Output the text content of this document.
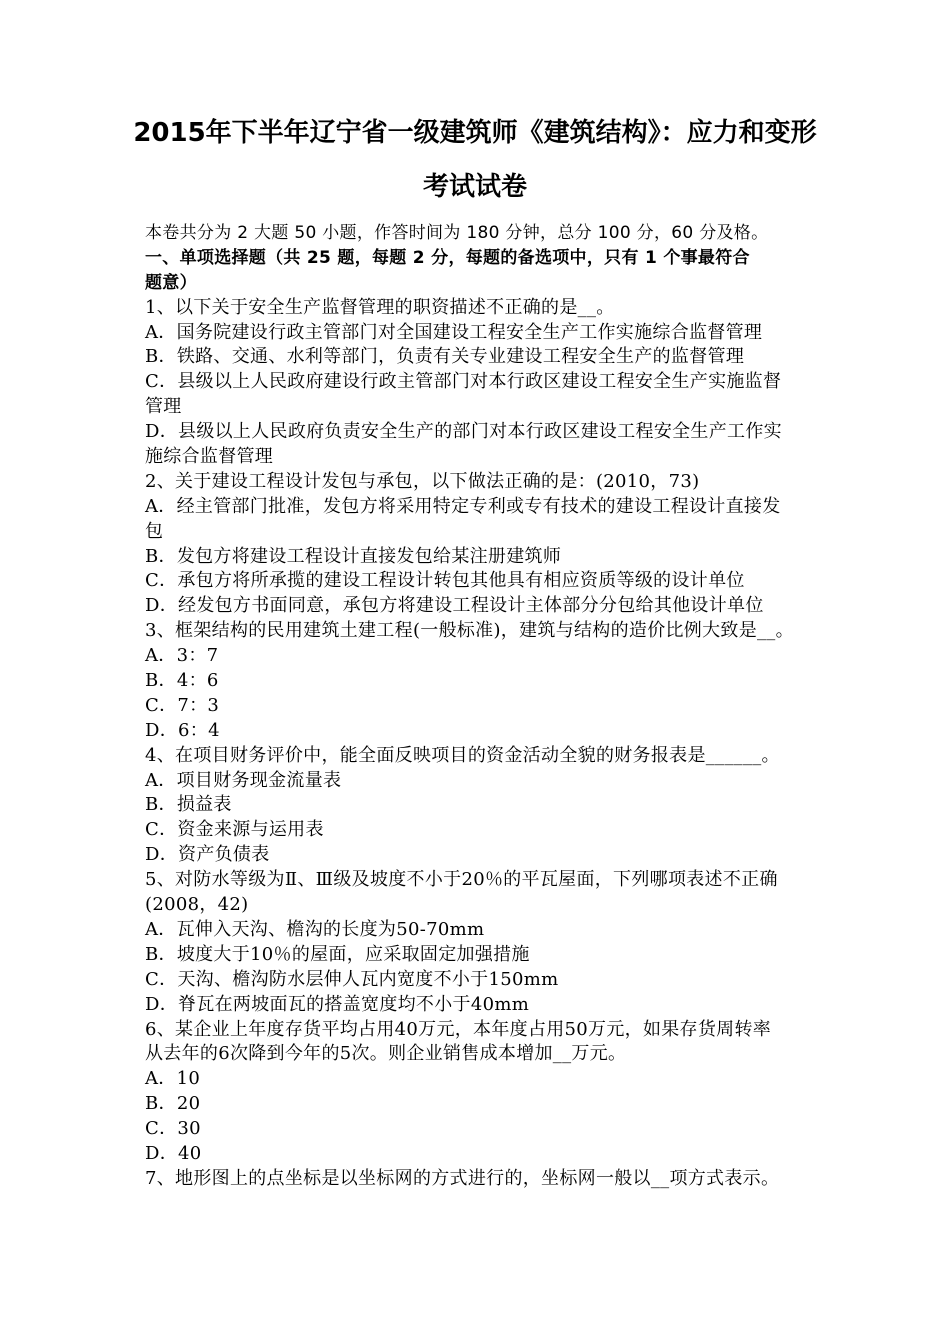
2015年下半年辽宁省一级建筑师《建筑结构》：应力和变形
考试试卷
本卷共分为 2 大题 50 小题，作答时间为 180 分钟，总分 100 分，60 分及格。
一、单项选择题（共 25 题，每题 2 分，每题的备选项中，只有 1 个事最符合
题意）
1、以下关于安全生产监督管理的职资描述不正确的是__。
A．国务院建设行政主管部门对全国建设工程安全生产工作实施综合监督管理
B．铁路、交通、水利等部门，负责有关专业建设工程安全生产的监督管理
C．县级以上人民政府建设行政主管部门对本行政区建设工程安全生产实施监督
管理
D．县级以上人民政府负责安全生产的部门对本行政区建设工程安全生产工作实
施综合监督管理
2、关于建设工程设计发包与承包，以下做法正确的是：(2010，73)
A．经主管部门批准，发包方将采用特定专利或专有技术的建设工程设计直接发
包
B．发包方将建设工程设计直接发包给某注册建筑师
C．承包方将所承揽的建设工程设计转包其他具有相应资质等级的设计单位
D．经发包方书面同意，承包方将建设工程设计主体部分分包给其他设计单位
3、框架结构的民用建筑土建工程(一般标准)，建筑与结构的造价比例大致是__。
A．3：7
B．4：6
C．7：3
D．6：4
4、在项目财务评价中，能全面反映项目的资金活动全貌的财务报表是______。
A．项目财务现金流量表
B．损益表
C．资金来源与运用表
D．资产负债表
5、对防水等级为Ⅱ、Ⅲ级及坡度不小于20％的平瓦屋面，下列哪项表述不正确
(2008，42)
A．瓦伸入天沟、檐沟的长度为50-70mm
B．坡度大于10％的屋面，应采取固定加强措施
C．天沟、檐沟防水层伸人瓦内宽度不小于150mm
D．脊瓦在两坡面瓦的搭盖宽度均不小于40mm
6、某企业上年度存货平均占用40万元，本年度占用50万元，如果存货周转率
从去年的6次降到今年的5次。则企业销售成本增加__万元。
A．10
B．20
C．30
D．40
7、地形图上的点坐标是以坐标网的方式进行的，坐标网一般以__项方式表示。
